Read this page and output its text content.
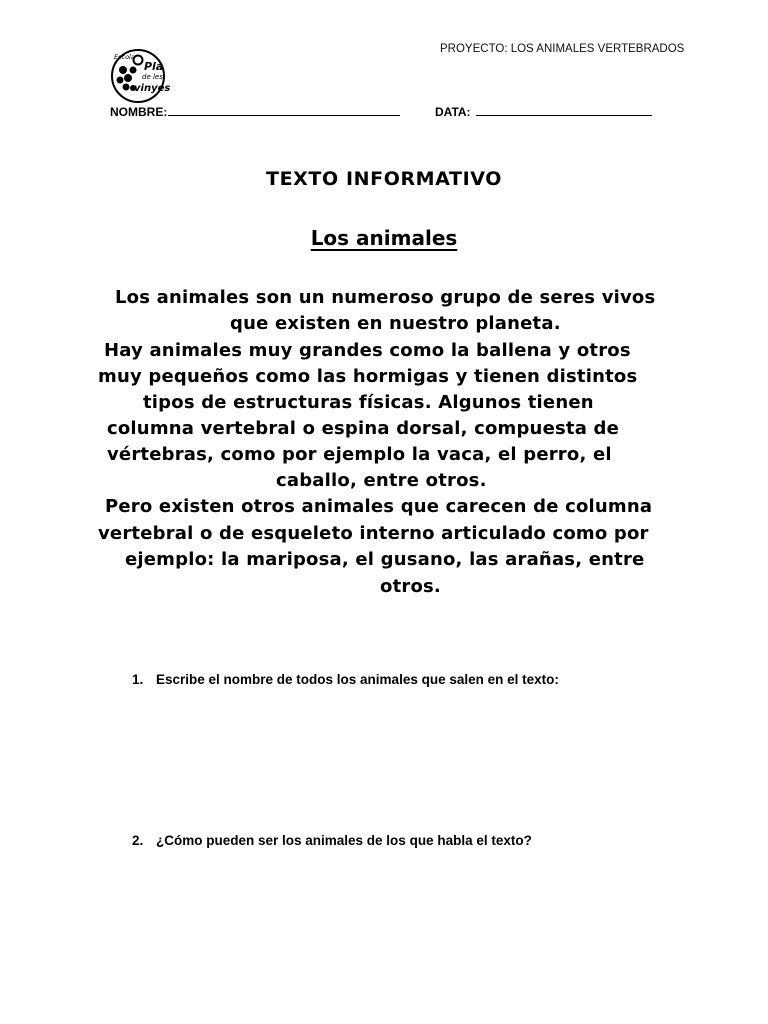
PROYECTO: LOS ANIMALES VERTEBRADOS
Escola
Pla
de les
vinyes
NOMBRE:	DATA:
TEXTO INFORMATIVO
Los animales
Los animales son un numeroso grupo de seres vivos
que existen en nuestro planeta.
Hay animales muy grandes como la ballena y otros
muy pequeños como las hormigas y tienen distintos
tipos de estructuras físicas. Algunos tienen
columna vertebral o espina dorsal, compuesta de
vértebras, como por ejemplo la vaca, el perro, el
caballo, entre otros.
Pero existen otros animales que carecen de columna
vertebral o de esqueleto interno articulado como por
ejemplo: la mariposa, el gusano, las arañas, entre
otros.
1. Escribe el nombre de todos los animales que salen en el texto:
2. ¿Cómo pueden ser los animales de los que habla el texto?
